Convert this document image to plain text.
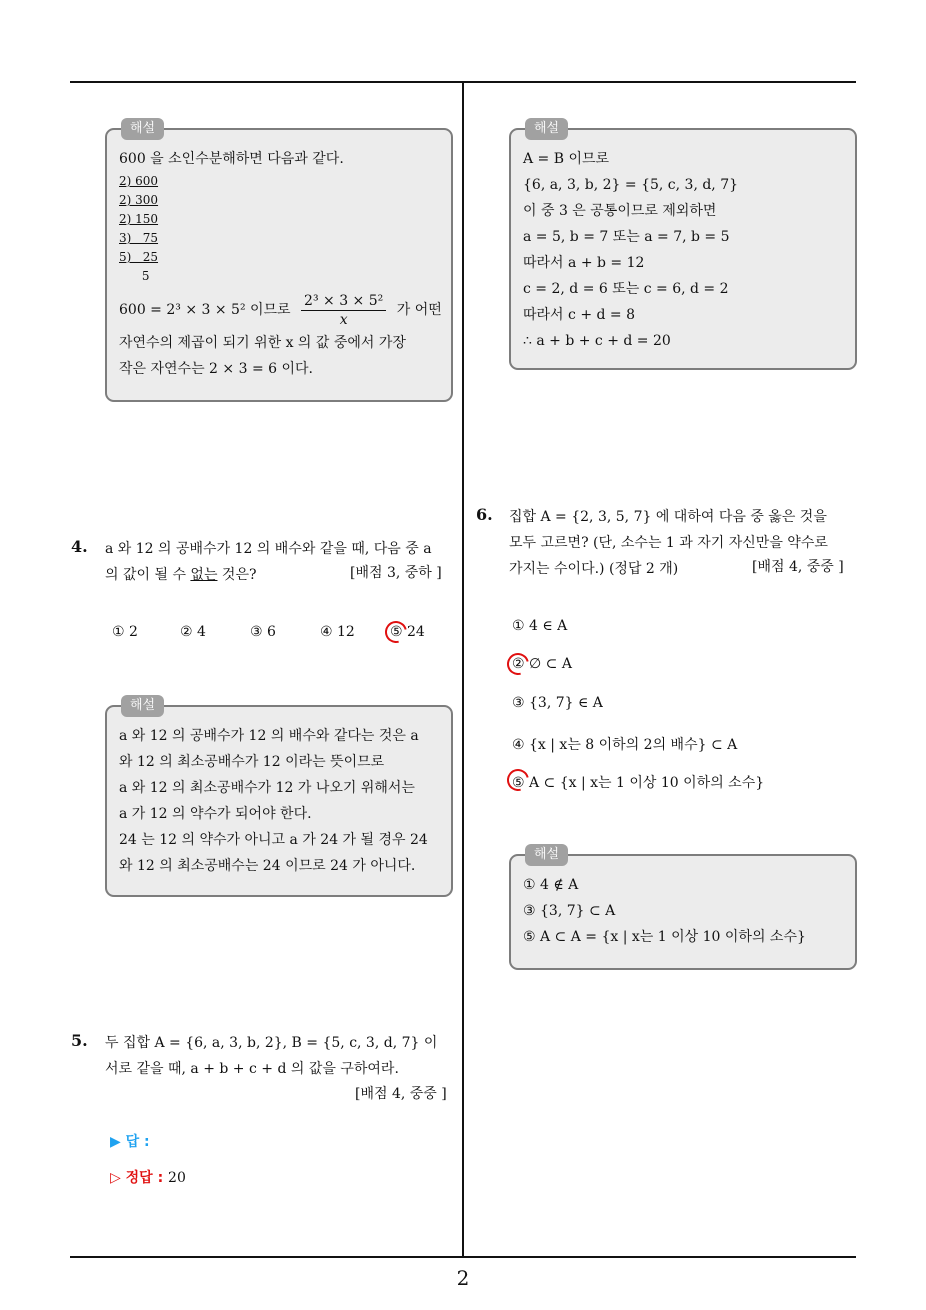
해설
600 을 소인수분해하면 다음과 같다.
2) 600
2) 300
2) 150
3)   75
5)   25
5
600 = 2³ × 3 × 5² 이므로 $\frac{\text{2³ × 3 × 5²}}{x}$ 가 어떤
자연수의 제곱이 되기 위한 x 의 값 중에서 가장
작은 자연수는 2 × 3 = 6 이다.
해설
A = B 이므로
{6, a, 3, b, 2} = {5, c, 3, d, 7}
이 중 3 은 공통이므로 제외하면
a = 5, b = 7 또는 a = 7, b = 5
따라서 a + b = 12
c = 2, d = 6 또는 c = 6, d = 2
따라서 c + d = 8
∴ a + b + c + d = 20
4. a 와 12 의 공배수가 12 의 배수와 같을 때, 다음 중 a
의 값이 될 수 없는 것은?	[배점 3, 중하 ]
① 2	② 4	③ 6	④ 12	⑤ 24
해설
a 와 12 의 공배수가 12 의 배수와 같다는 것은 a
와 12 의 최소공배수가 12 이라는 뜻이므로
a 와 12 의 최소공배수가 12 가 나오기 위해서는
a 가 12 의 약수가 되어야 한다.
24 는 12 의 약수가 아니고 a 가 24 가 될 경우 24
와 12 의 최소공배수는 24 이므로 24 가 아니다.
5. 두 집합 A = {6, a, 3, b, 2}, B = {5, c, 3, d, 7} 이
서로 같을 때, a + b + c + d 의 값을 구하여라.
[배점 4, 중중 ]
▶ 답 :
▷ 정답 : 20
6. 집합 A = {2, 3, 5, 7} 에 대하여 다음 중 옳은 것을
모두 고르면? (단, 소수는 1 과 자기 자신만을 약수로
가지는 수이다.) (정답 2 개)	[배점 4, 중중 ]
① 4 ∈ A
② ∅ ⊂ A
③ {3, 7} ∈ A
④ {x | x는 8 이하의 2의 배수} ⊂ A
⑤ A ⊂ {x | x는 1 이상 10 이하의 소수}
해설
① 4 ∉ A
③ {3, 7} ⊂ A
⑤ A ⊂ A = {x | x는 1 이상 10 이하의 소수}
2
